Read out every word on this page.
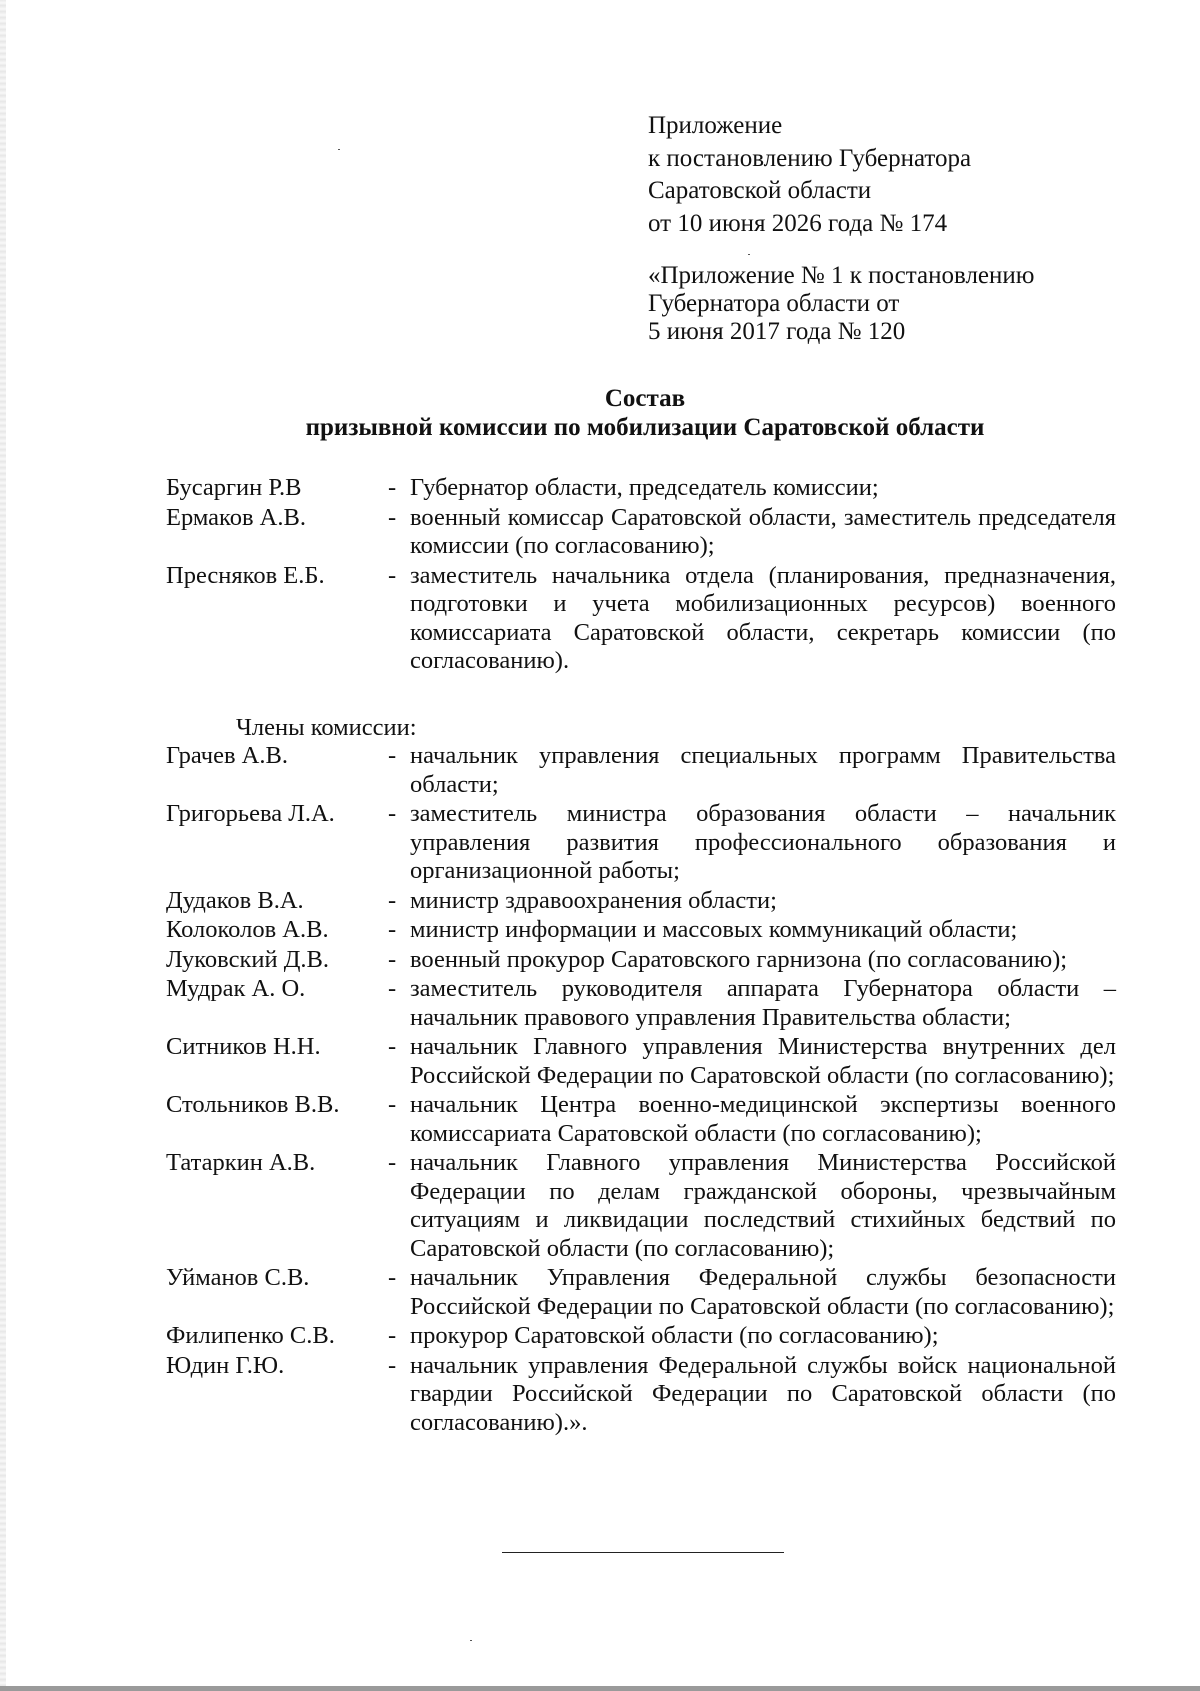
Приложение
к постановлению Губернатора
Саратовской области
от 10 июня 2026 года № 174
«Приложение № 1 к постановлению
Губернатора области от
5 июня 2017 года № 120
Состав
призывной комиссии по мобилизации Саратовской области
Бусаргин Р.В	- Губернатор области, председатель комиссии;
Ермаков А.В.	- военный комиссар Саратовской области, заместитель председателя комиссии (по согласованию);
Пресняков Е.Б.	- заместитель начальника отдела (планирования, предназначения, подготовки и учета мобилизационных ресурсов) военного комиссариата Саратовской области, секретарь комиссии (по согласованию).
Члены комиссии:
Грачев А.В.	- начальник управления специальных программ Правительства области;
Григорьева Л.А.	- заместитель министра образования области – начальник управления развития профессионального образования и организационной работы;
Дудаков В.А.	- министр здравоохранения области;
Колоколов А.В.	- министр информации и массовых коммуникаций области;
Луковский Д.В.	- военный прокурор Саратовского гарнизона (по согласованию);
Мудрак А. О.	- заместитель руководителя аппарата Губернатора области – начальник правового управления Правительства области;
Ситников Н.Н.	- начальник Главного управления Министерства внутренних дел Российской Федерации по Саратовской области (по согласованию);
Стольников В.В.	- начальник Центра военно-медицинской экспертизы военного комиссариата Саратовской области (по согласованию);
Татаркин А.В.	- начальник Главного управления Министерства Российской Федерации по делам гражданской обороны, чрезвычайным ситуациям и ликвидации последствий стихийных бедствий по Саратовской области (по согласованию);
Уйманов С.В.	- начальник Управления Федеральной службы безопасности Российской Федерации по Саратовской области (по согласованию);
Филипенко С.В.	- прокурор Саратовской области (по согласованию);
Юдин Г.Ю.	- начальник управления Федеральной службы войск национальной гвардии Российской Федерации по Саратовской области (по согласованию).».
